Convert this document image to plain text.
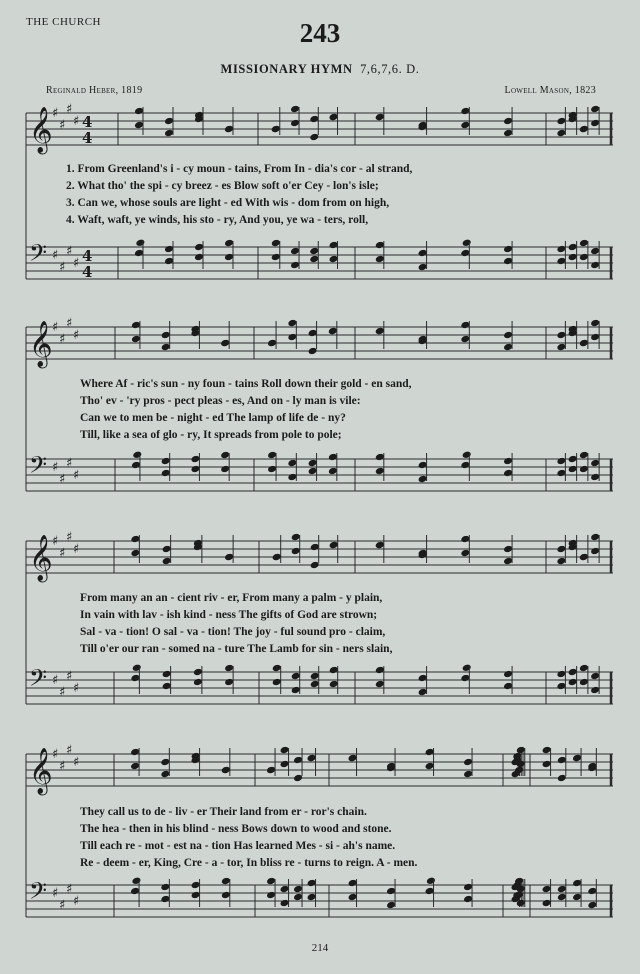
THE CHURCH	243
MISSIONARY HYMN 7,6,7,6. D.
Reginald Heber, 1819	Lowell Mason, 1823
𝄞 ♯
♯
♯
♯ 4
4
𝄢 ♯
♯
♯
♯ 4
4
1. From Greenland's i - cy moun - tains, From In - dia's cor - al strand,
2. What tho' the spi - cy breez - es Blow soft o'er Cey - lon's isle;
3. Can we, whose souls are light - ed With wis - dom from on high,
4. Waft, waft, ye winds, his sto - ry, And you, ye wa - ters, roll,
𝄞 ♯
♯
♯
♯
𝄢 ♯
♯
♯
♯
Where Af - ric's sun - ny foun - tains Roll down their gold - en sand,
Tho' ev - 'ry pros - pect pleas - es, And on - ly man is vile:
Can we to men be - night - ed The lamp of life de - ny?
Till, like a sea of glo - ry, It spreads from pole to pole;
𝄞 ♯
♯
♯
♯
𝄢 ♯
♯
♯
♯
From many an an - cient riv - er, From many a palm - y plain,
In vain with lav - ish kind - ness The gifts of God are strown;
Sal - va - tion! O sal - va - tion! The joy - ful sound pro - claim,
Till o'er our ran - somed na - ture The Lamb for sin - ners slain,
𝄞 ♯
♯
♯
♯
𝄢 ♯
♯
♯
♯
They call us to de - liv - er Their land from er - ror's chain.
The hea - then in his blind - ness Bows down to wood and stone.
Till each re - mot - est na - tion Has learned Mes - si - ah's name.
Re - deem - er, King, Cre - a - tor, In bliss re - turns to reign. A - men.
214
